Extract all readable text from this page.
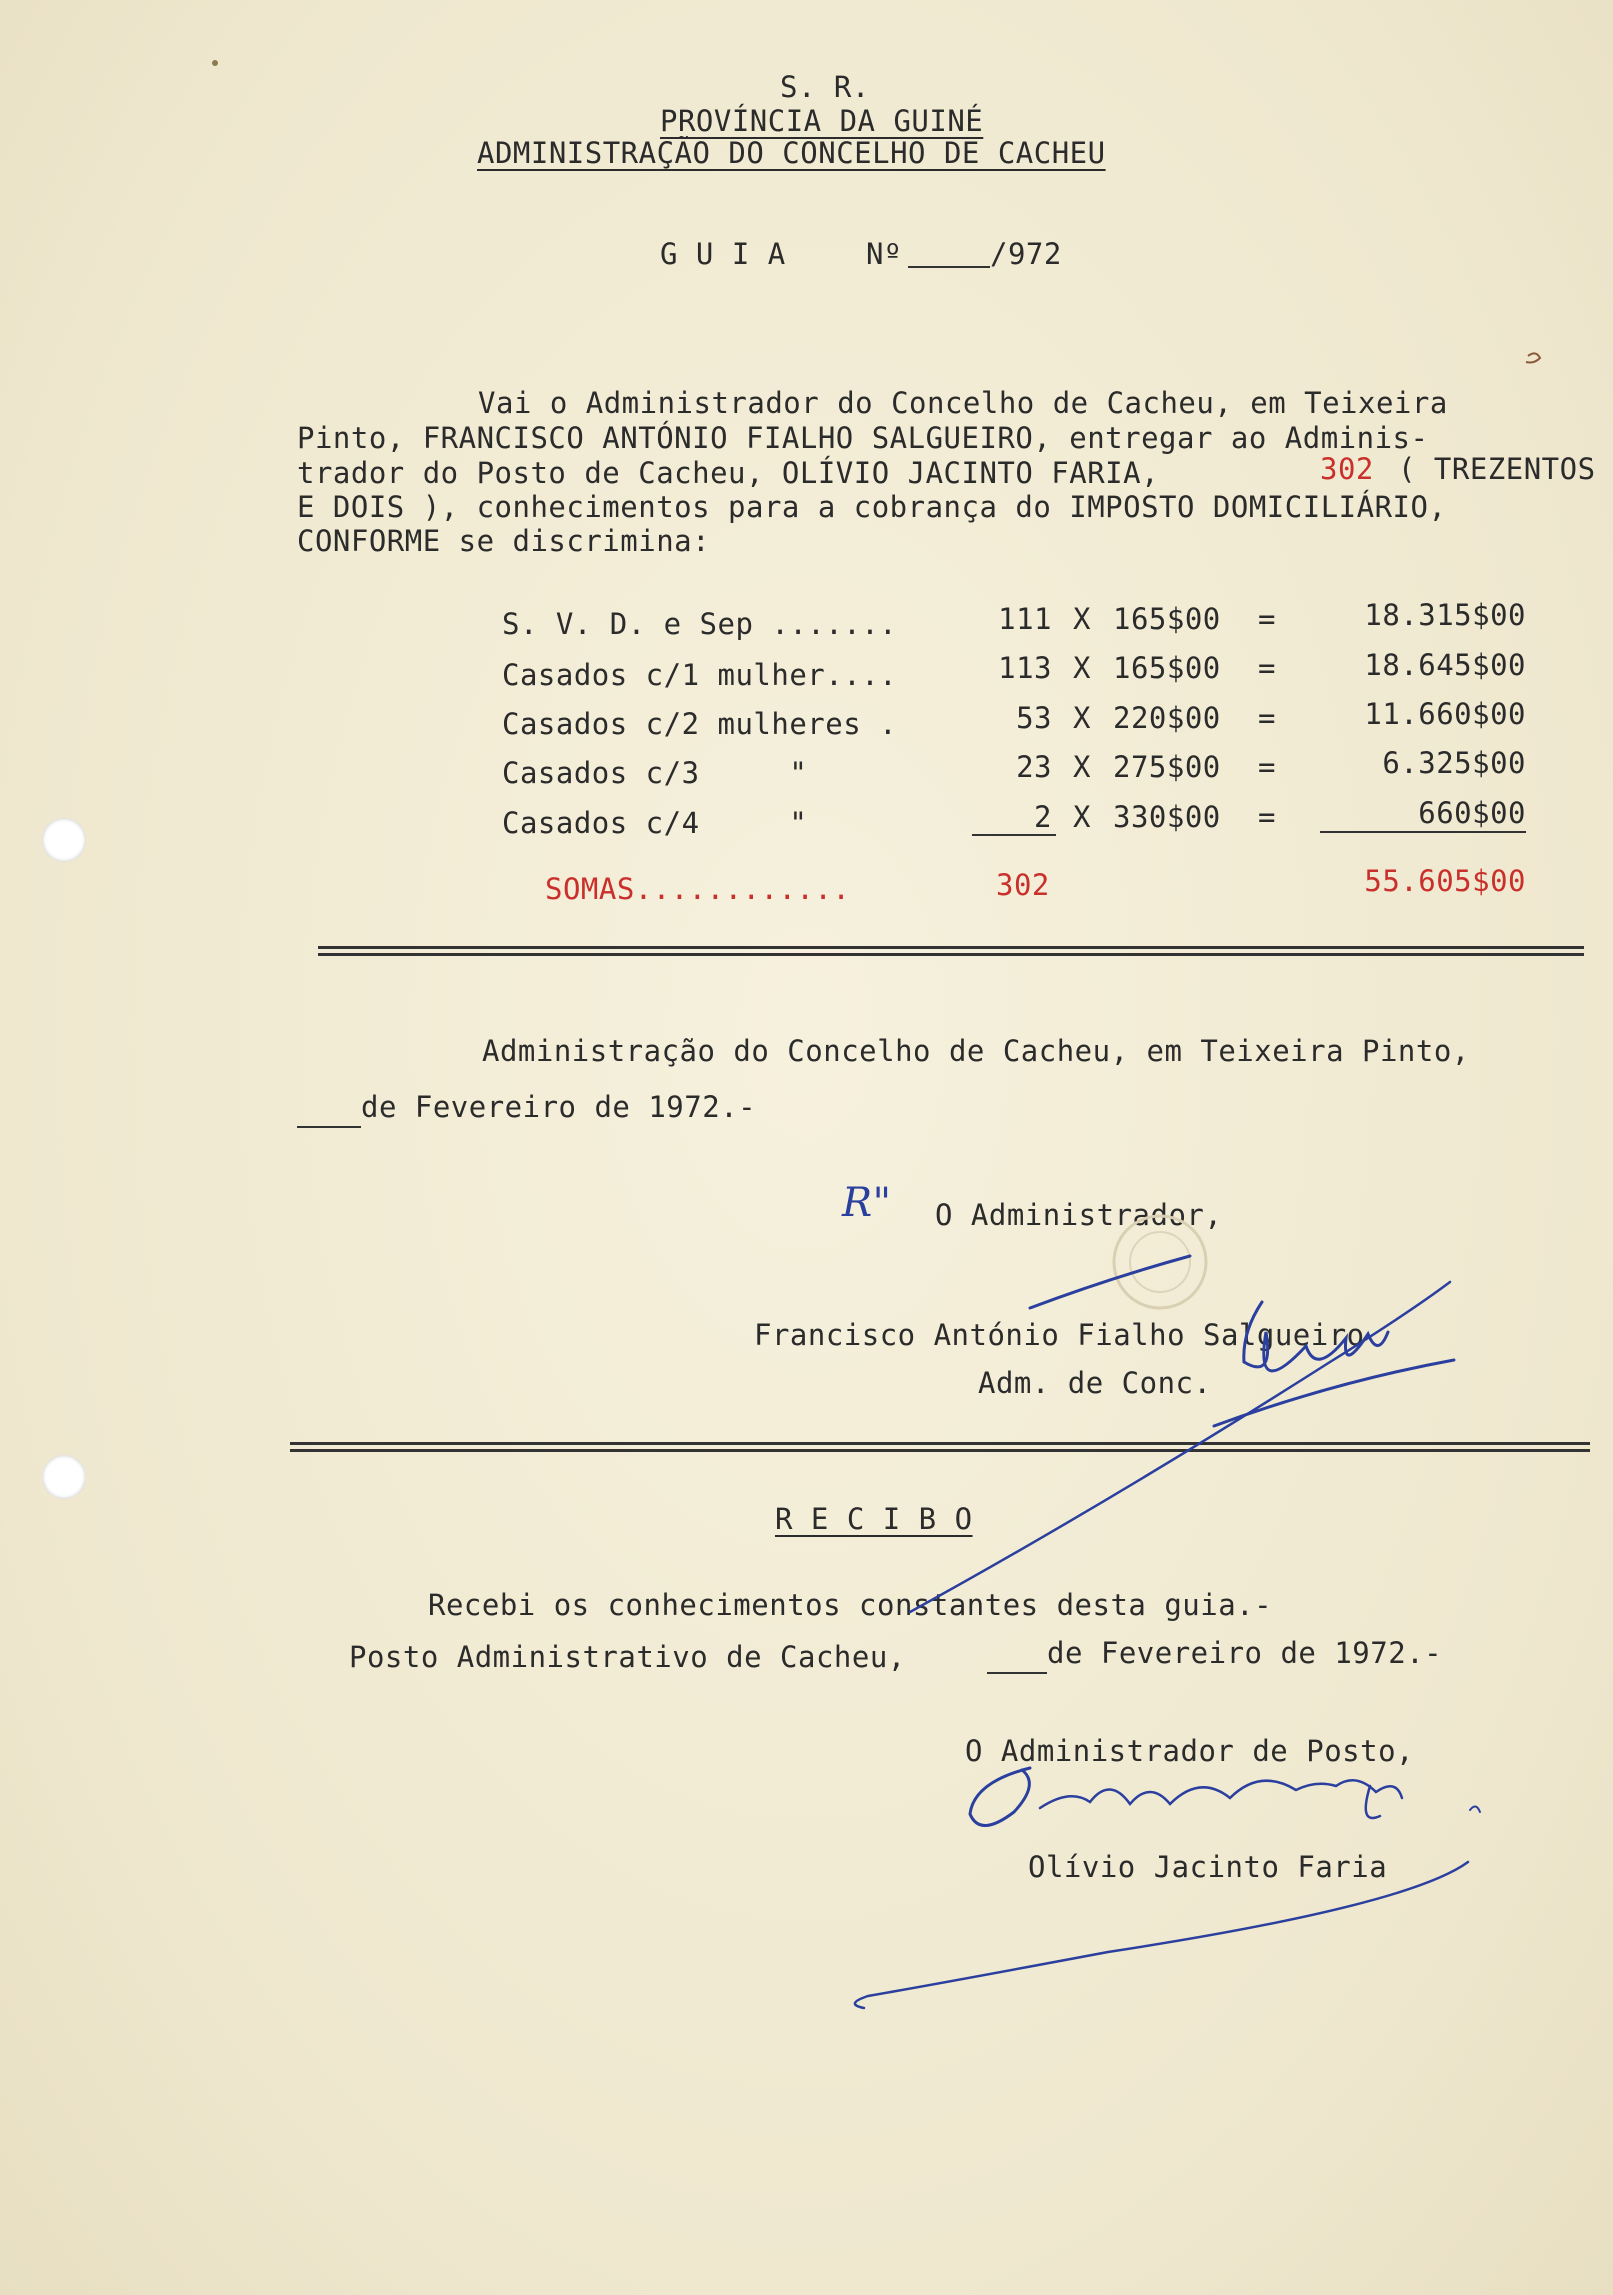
S. R.
PROVÍNCIA DA GUINÉ
ADMINISTRAÇÃO DO CONCELHO DE CACHEU
G U I A	Nº	/972
Vai o Administrador do Concelho de Cacheu, em Teixeira
Pinto, FRANCISCO ANTÓNIO FIALHO SALGUEIRO, entregar ao Adminis-
trador do Posto de Cacheu, OLÍVIO JACINTO FARIA,	302 ( TREZENTOS
E DOIS ), conhecimentos para a cobrança do IMPOSTO DOMICILIÁRIO,
CONFORME se discrimina:
S. V. D. e Sep .......	111 X 165$00 =	18.315$00
Casados c/1 mulher....	113 X 165$00 =	18.645$00
Casados c/2 mulheres .	53 X 220$00 =	11.660$00
Casados c/3     "	23 X 275$00 =	6.325$00
Casados c/4     "	2 X 330$00 =	660$00
SOMAS............	302	55.605$00
Administração do Concelho de Cacheu, em Teixeira Pinto,
de Fevereiro de 1972.-
R" O Administrador,
Francisco António Fialho Salgueiro
Adm. de Conc.
R E C I B O
Recebi os conhecimentos constantes desta guia.-
Posto Administrativo de Cacheu,	de Fevereiro de 1972.-
O Administrador de Posto,
Olívio Jacinto Faria
